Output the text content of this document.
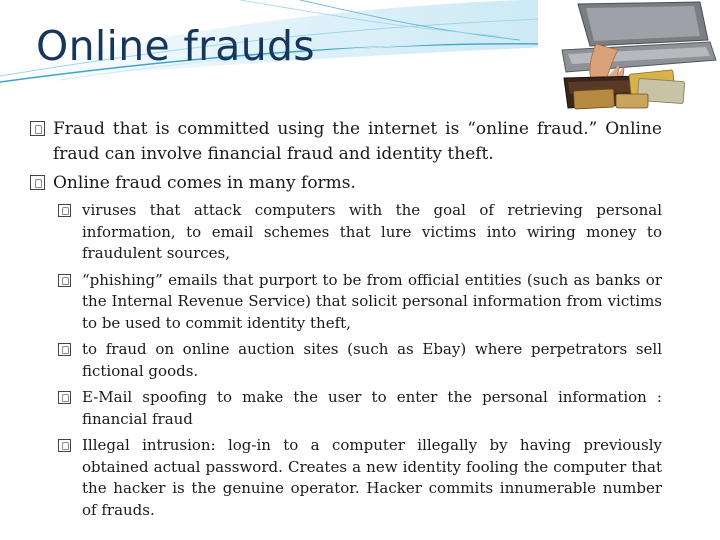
Online frauds
Fraud that is committed using the internet is “online fraud.” Online fraud can involve financial fraud and identity theft.
Online fraud comes in many forms.
viruses that attack computers with the goal of retrieving personal information, to email schemes that lure victims into wiring money to fraudulent sources,
“phishing” emails that purport to be from official entities (such as banks or the Internal Revenue Service) that solicit personal information from victims to be used to commit identity theft,
to fraud on online auction sites (such as Ebay) where perpetrators sell fictional goods.
E-Mail spoofing to make the user to enter the personal information : financial fraud
Illegal intrusion: log-in to a computer illegally by having previously obtained actual password. Creates a new identity fooling the computer that the hacker is the genuine operator. Hacker commits innumerable number of frauds.
